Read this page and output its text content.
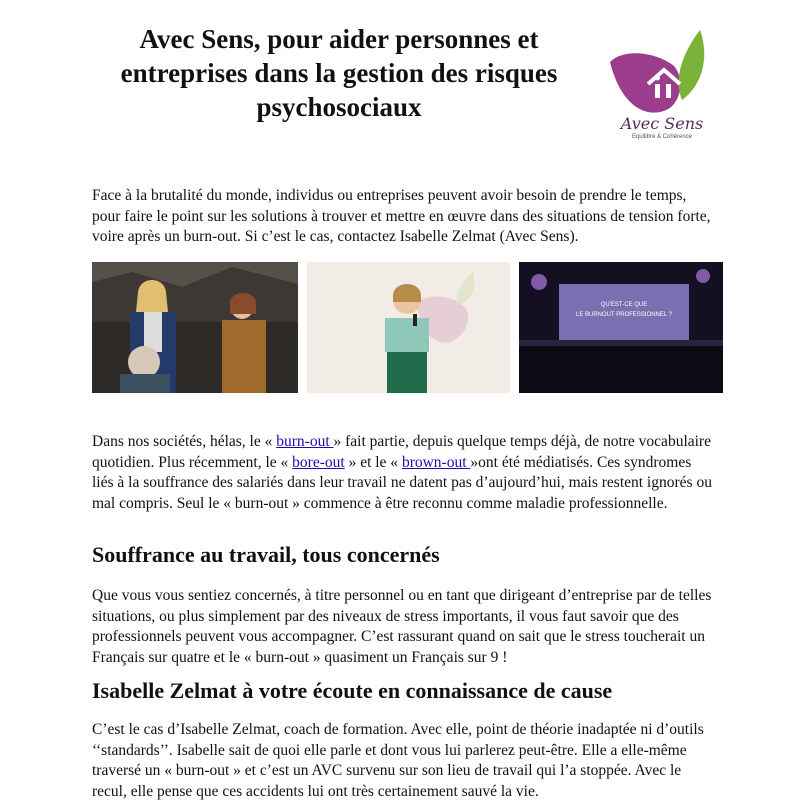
Avec Sens, pour aider personnes et entreprises dans la gestion des risques psychosociaux
Avec Sens
Equilibre & Cohérence

Face à la brutalité du monde, individus ou entreprises peuvent avoir besoin de prendre le temps, pour faire le point sur les solutions à trouver et mettre en œuvre dans des situations de tension forte, voire après un burn-out. Si c’est le cas, contactez Isabelle Zelmat (Avec Sens).

QU'EST-CE QUE
LE BURNOUT PROFESSIONNEL ?

Dans nos sociétés, hélas, le « burn-out » fait partie, depuis quelque temps déjà, de notre vocabulaire quotidien. Plus récemment, le « bore-out » et le « brown-out »ont été médiatisés. Ces syndromes liés à la souffrance des salariés dans leur travail ne datent pas d’aujourd’hui, mais restent ignorés ou mal compris. Seul le « burn-out » commence à être reconnu comme maladie professionnelle.

Souffrance au travail, tous concernés

Que vous vous sentiez concernés, à titre personnel ou en tant que dirigeant d’entreprise par de telles situations, ou plus simplement par des niveaux de stress importants, il vous faut savoir que des professionnels peuvent vous accompagner. C’est rassurant quand on sait que le stress toucherait un Français sur quatre et le « burn-out » quasiment un Français sur 9 !

Isabelle Zelmat à votre écoute en connaissance de cause

C’est le cas d’Isabelle Zelmat, coach de formation. Avec elle, point de théorie inadaptée ni d’outils ‘‘standards’’. Isabelle sait de quoi elle parle et dont vous lui parlerez peut-être. Elle a elle-même traversé un « burn-out » et c’est un AVC survenu sur son lieu de travail qui l’a stoppée. Avec le recul, elle pense que ces accidents lui ont très certainement sauvé la vie.
